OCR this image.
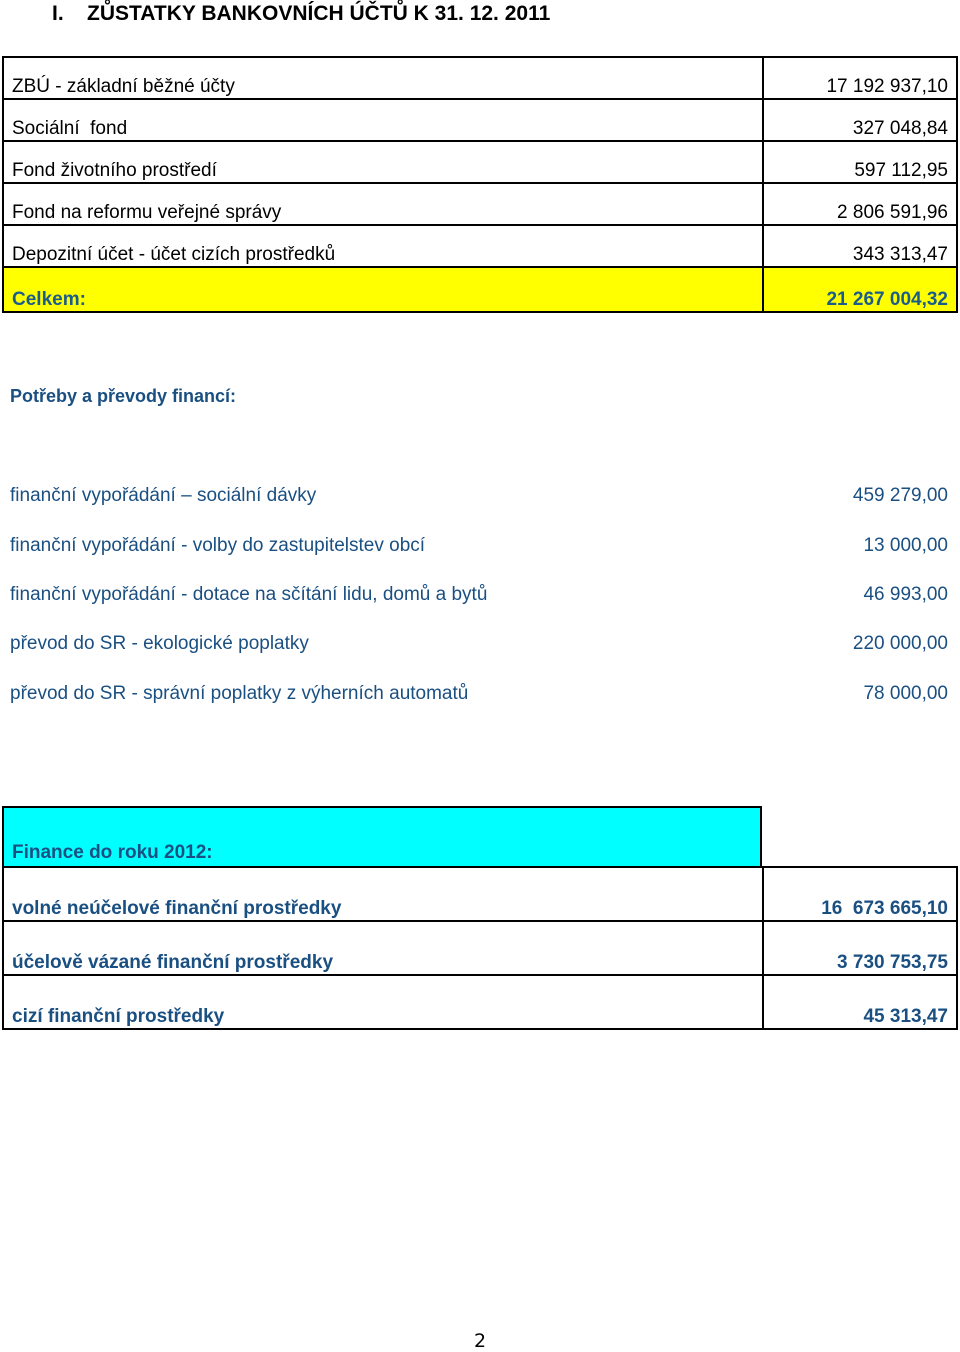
I.    ZŮSTATKY BANKOVNÍCH ÚČTŮ K 31. 12. 2011
ZBÚ - základní běžné účty	17 192 937,10
Sociální  fond	327 048,84
Fond životního prostředí	597 112,95
Fond na reformu veřejné správy	2 806 591,96
Depozitní účet - účet cizích prostředků	343 313,47
Celkem:	21 267 004,32
Potřeby a převody financí:
finanční vypořádání – sociální dávky	459 279,00
finanční vypořádání - volby do zastupitelstev obcí	13 000,00
finanční vypořádání - dotace na sčítání lidu, domů a bytů	46 993,00
převod do SR - ekologické poplatky	220 000,00
převod do SR - správní poplatky z výherních automatů	78 000,00
Finance do roku 2012:
volné neúčelové finanční prostředky	16  673 665,10
účelově vázané finanční prostředky	3 730 753,75
cizí finanční prostředky	45 313,47
2
